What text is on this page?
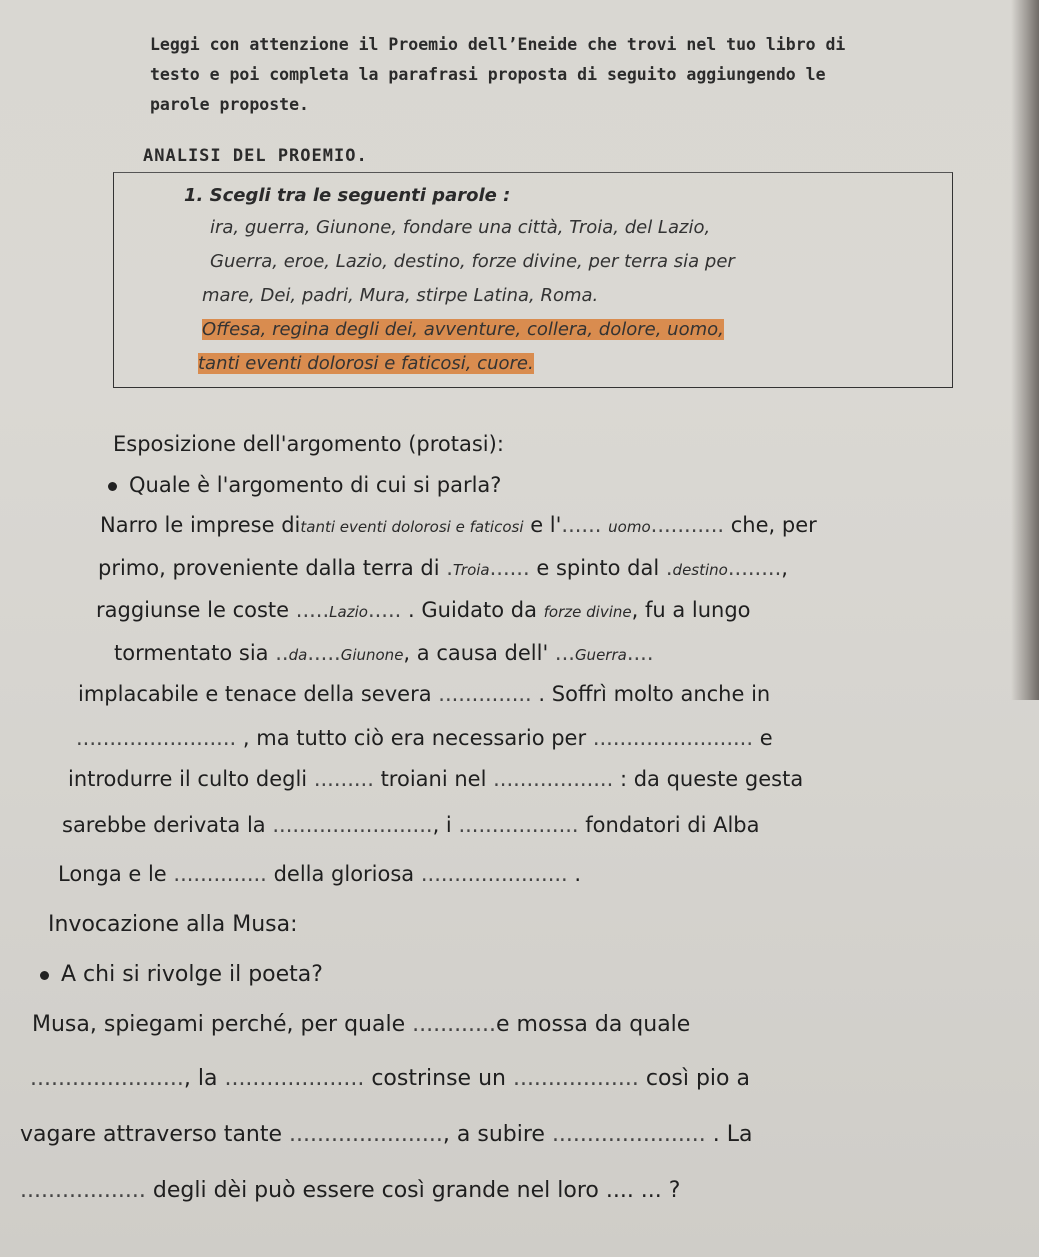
Leggi con attenzione il Proemio dell’Eneide che trovi nel tuo libro di testo e poi completa la parafrasi proposta di seguito aggiungendo le parole proposte.
ANALISI DEL PROEMIO.
1. Scegli tra le seguenti parole :
ira, guerra, Giunone, fondare una città, Troia, del Lazio,
Guerra, eroe, Lazio, destino, forze divine, per terra sia per
mare, Dei, padri, Mura, stirpe Latina, Roma.
Offesa, regina degli dei, avventure, collera, dolore, uomo,
tanti eventi dolorosi e faticosi, cuore.
Esposizione dell'argomento (protasi):
Quale è l'argomento di cui si parla?
Narro le imprese ditanti eventi dolorosi e faticosi e l'...... uomo........... che, per
primo, proveniente dalla terra di .Troia...... e spinto dal .destino........,
raggiunse le coste .....Lazio..... . Guidato da forze divine, fu a lungo
tormentato sia ..da.....Giunone, a causa dell' ...Guerra....
implacabile e tenace della severa .............. . Soffrì molto anche in
........................ , ma tutto ciò era necessario per ........................ e
introdurre il culto degli ......... troiani nel .................. : da queste gesta
sarebbe derivata la ........................, i .................. fondatori di Alba
Longa e le .............. della gloriosa ...................... .
Invocazione alla Musa:
A chi si rivolge il poeta?
Musa, spiegami perché, per quale ............e mossa da quale
......................, la .................... costrinse un .................. così pio a
vagare attraverso tante ......................, a subire ...................... . La
.................. degli dèi può essere così grande nel loro .... ... ?
